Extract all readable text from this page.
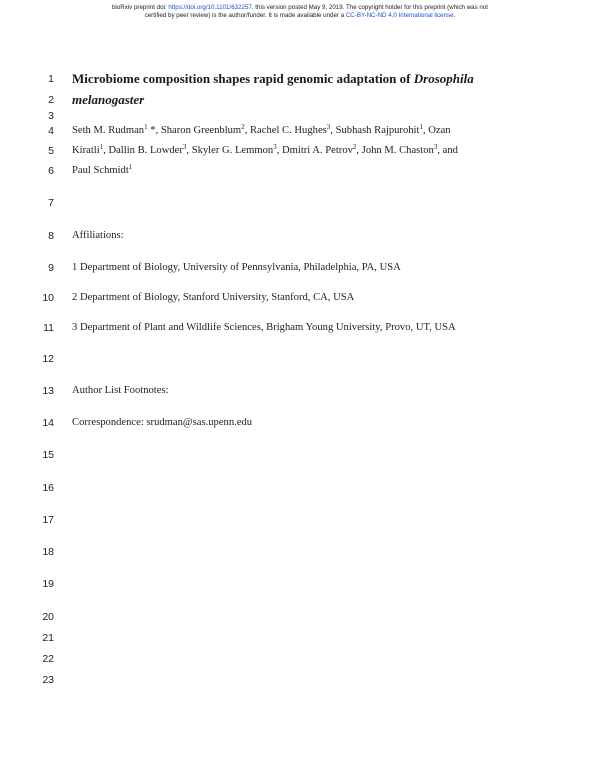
bioRxiv preprint doi: https://doi.org/10.1101/632257. this version posted May 9, 2019. The copyright holder for this preprint (which was not
certified by peer review) is the author/funder. It is made available under a CC-BY-NC-ND 4.0 International license.
1
2
3
4
5
6
7
8
9
10
11
12
13
14
15
16
17
18
19
20
21
22
23
Microbiome composition shapes rapid genomic adaptation of Drosophila
melanogaster
Seth M. Rudman$^1$ *, Sharon Greenblum$^2$, Rachel C. Hughes$^3$, Subhash Rajpurohit$^1$, Ozan
Kiratli$^1$, Dallin B. Lowder$^3$, Skyler G. Lemmon$^3$, Dmitri A. Petrov$^2$, John M. Chaston$^3$, and
Paul Schmidt$^1$
Affiliations:
1 Department of Biology, University of Pennsylvania, Philadelphia, PA, USA
2 Department of Biology, Stanford University, Stanford, CA, USA
3 Department of Plant and Wildlife Sciences, Brigham Young University, Provo, UT, USA
Author List Footnotes:
Correspondence: srudman@sas.upenn.edu
